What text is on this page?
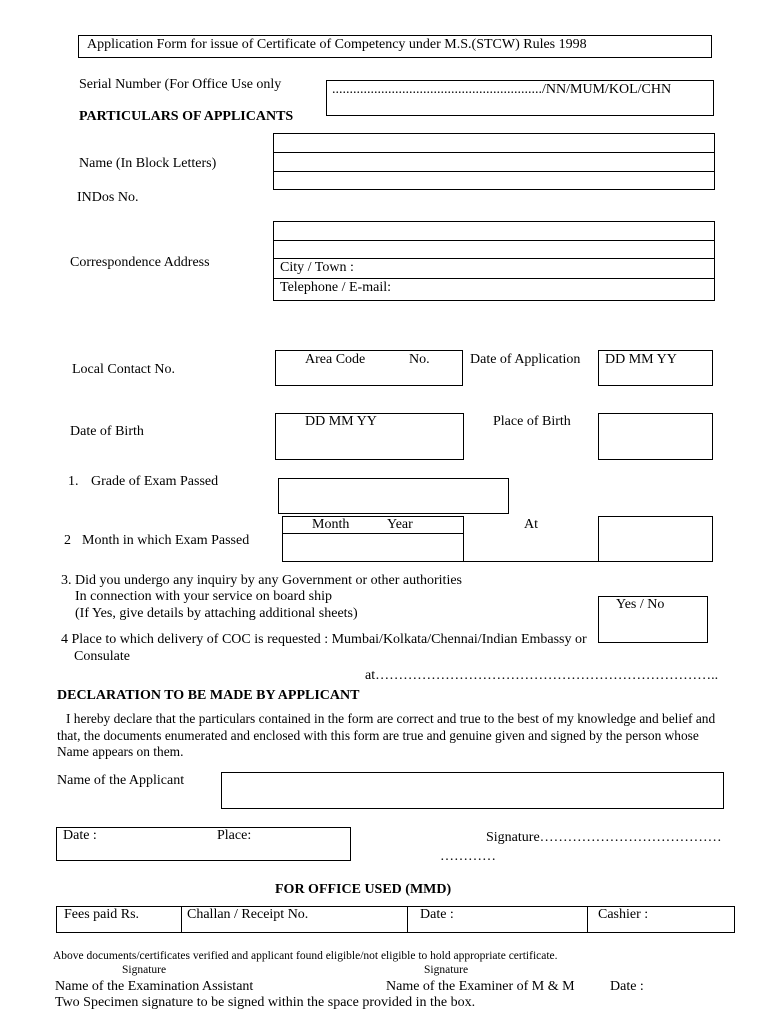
Application Form for issue of Certificate of Competency under M.S.(STCW) Rules 1998
Serial Number (For Office Use only	............................................................/NN/MUM/KOL/CHN
PARTICULARS OF APPLICANTS
Name (In Block Letters)
INDos No.
Correspondence Address	City / Town :
Telephone / E-mail:
Local Contact No.
Area Code	No.	Date of Application DD MM YY
Date of Birth
DD MM YY	Place of Birth
1. Grade of Exam Passed
2 Month in which Exam Passed
Month	Year	At
3. Did you undergo any inquiry by any Government or other authorities
In connection with your service on board ship
(If Yes, give details by attaching additional sheets)
Yes / No
4 Place to which delivery of COC is requested : Mumbai/Kolkata/Chennai/Indian Embassy or
Consulate
at………………………………………………………………..
DECLARATION TO BE MADE BY APPLICANT
I hereby declare that the particulars contained in the form are correct and true to the best of my knowledge and belief and
that, the documents enumerated and enclosed with this form are true and genuine given and signed by the person whose
Name appears on them.
Name of the Applicant
Date :	Place:	Signature…………………………………
…………
FOR OFFICE USED (MMD)
Fees paid Rs.	Challan / Receipt No.	Date :	Cashier :
Above documents/certificates verified and applicant found eligible/not eligible to hold appropriate certificate.
Signature	Signature
Name of the Examination Assistant	Name of the Examiner of M & M	Date :
Two Specimen signature to be signed within the space provided in the box.
